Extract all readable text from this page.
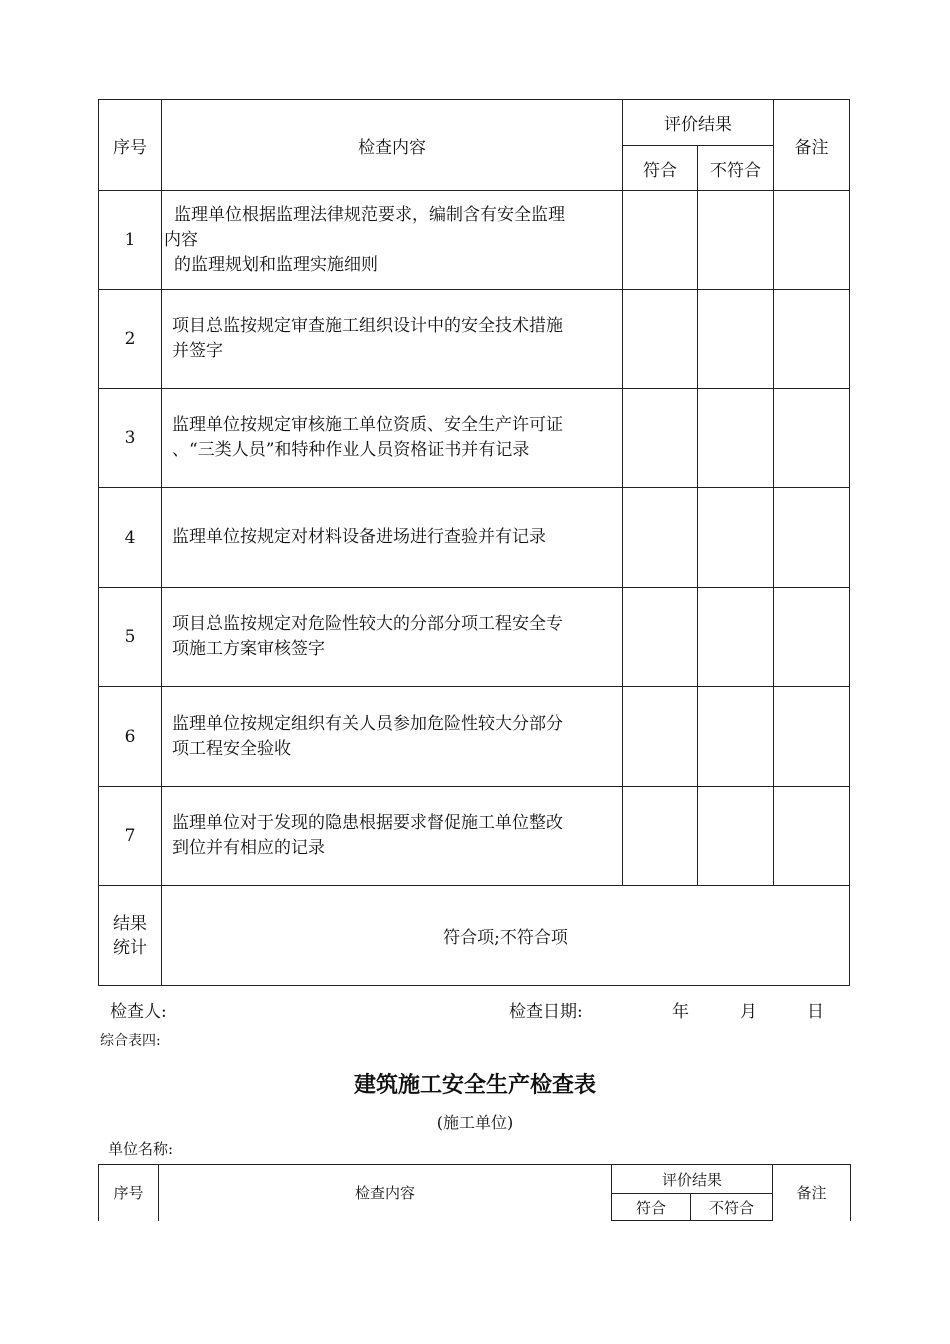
序号	检查内容	评价结果		备注
		符合	不符合	
1	监理单位根据监理法律规范要求，编制含有安全监理
内容
的监理规划和监理实施细则			

2	项目总监按规定审查施工组织设计中的安全技术措施
并签字			

3	监理单位按规定审核施工单位资质、安全生产许可证
、“三类人员”和特种作业人员资格证书并有记录			

4	监理单位按规定对材料设备进场进行查验并有记录			

5	项目总监按规定对危险性较大的分部分项工程安全专
项施工方案审核签字			

6	监理单位按规定组织有关人员参加危险性较大分部分
项工程安全验收			

7	监理单位对于发现的隐患根据要求督促施工单位整改
到位并有相应的记录			

结果
统计	符合项;不符合项			
检查人:	检查日期:	年	月	日
综合表四:
建筑施工安全生产检查表
(施工单位)
单位名称:
序号	检查内容	评价结果		备注
		符合	不符合	
